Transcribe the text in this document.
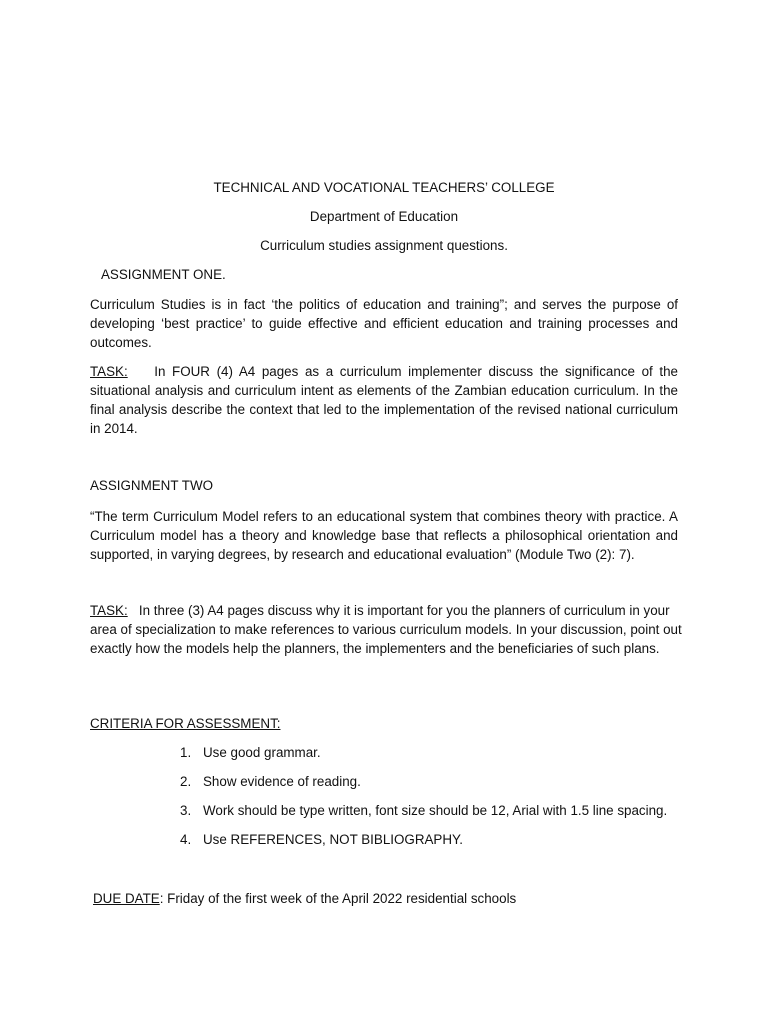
TECHNICAL AND VOCATIONAL TEACHERS’ COLLEGE
Department of Education
Curriculum studies assignment questions.
ASSIGNMENT ONE.
Curriculum Studies is in fact ‘the politics of education and training”; and serves the purpose of developing ‘best practice’ to guide effective and efficient education and training processes and outcomes.
TASK: In FOUR (4) A4 pages as a curriculum implementer discuss the significance of the situational analysis and curriculum intent as elements of the Zambian education curriculum. In the final analysis describe the context that led to the implementation of the revised national curriculum in 2014.
ASSIGNMENT TWO
“The term Curriculum Model refers to an educational system that combines theory with practice. A Curriculum model has a theory and knowledge base that reflects a philosophical orientation and supported, in varying degrees, by research and educational evaluation” (Module Two (2): 7).
TASK: In three (3) A4 pages discuss why it is important for you the planners of curriculum in your area of specialization to make references to various curriculum models. In your discussion, point out exactly how the models help the planners, the implementers and the beneficiaries of such plans.
CRITERIA FOR ASSESSMENT:
1. Use good grammar.
2. Show evidence of reading.
3. Work should be type written, font size should be 12, Arial with 1.5 line spacing.
4. Use REFERENCES, NOT BIBLIOGRAPHY.
DUE DATE: Friday of the first week of the April 2022 residential schools
